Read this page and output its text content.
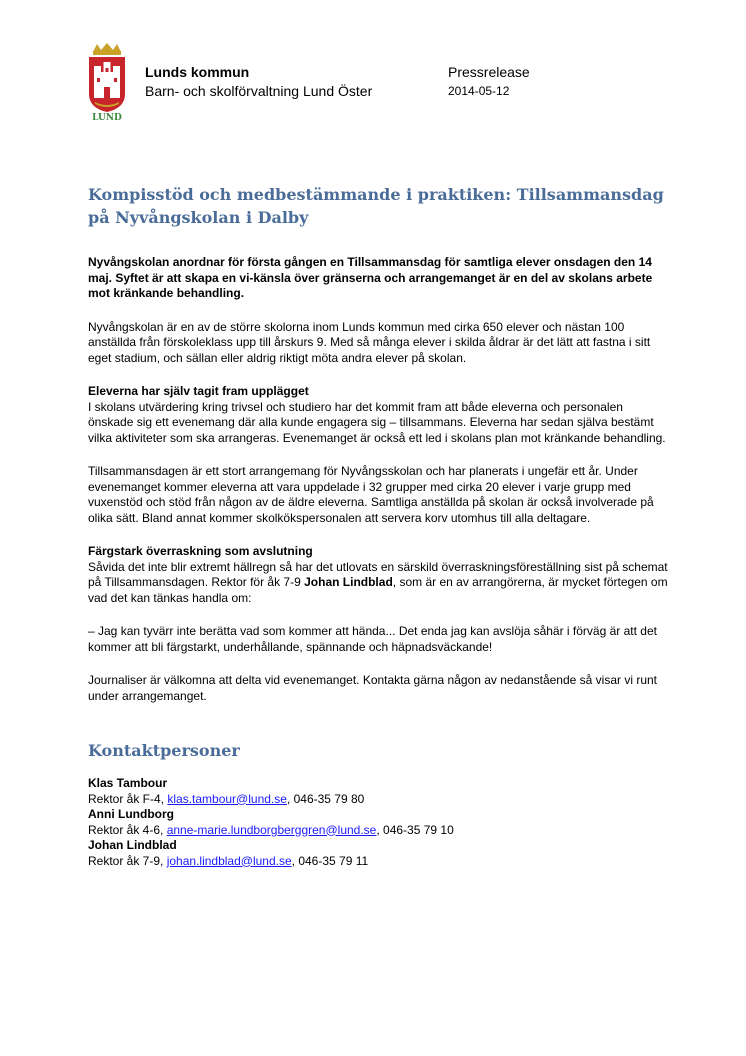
LUND
Lunds kommun
Barn- och skolförvaltning Lund Öster
Pressrelease
2014-05-12
Kompisstöd och medbestämmande i praktiken: Tillsammansdag på Nyvångskolan i Dalby

Nyvångskolan anordnar för första gången en Tillsammansdag för samtliga elever onsdagen den 14 maj. Syftet är att skapa en vi-känsla över gränserna och arrangemanget är en del av skolans arbete mot kränkande behandling.

Nyvångskolan är en av de större skolorna inom Lunds kommun med cirka 650 elever och nästan 100 anställda från förskoleklass upp till årskurs 9. Med så många elever i skilda åldrar är det lätt att fastna i sitt eget stadium, och sällan eller aldrig riktigt möta andra elever på skolan.

Eleverna har själv tagit fram upplägget

I skolans utvärdering kring trivsel och studiero har det kommit fram att både eleverna och personalen önskade sig ett evenemang där alla kunde engagera sig – tillsammans. Eleverna har sedan själva bestämt vilka aktiviteter som ska arrangeras. Evenemanget är också ett led i skolans plan mot kränkande behandling.

Tillsammansdagen är ett stort arrangemang för Nyvångsskolan och har planerats i ungefär ett år. Under evenemanget kommer eleverna att vara uppdelade i 32 grupper med cirka 20 elever i varje grupp med vuxenstöd och stöd från någon av de äldre eleverna. Samtliga anställda på skolan är också involverade på olika sätt. Bland annat kommer skolkökspersonalen att servera korv utomhus till alla deltagare.

Färgstark överraskning som avslutning

Såvida det inte blir extremt hällregn så har det utlovats en särskild överraskningsföreställning sist på schemat på Tillsammansdagen. Rektor för åk 7-9 Johan Lindblad, som är en av arrangörerna, är mycket förtegen om vad det kan tänkas handla om:

– Jag kan tyvärr inte berätta vad som kommer att hända... Det enda jag kan avslöja såhär i förväg är att det kommer att bli färgstarkt, underhållande, spännande och häpnadsväckande!

Journaliser är välkomna att delta vid evenemanget. Kontakta gärna någon av nedanstående så visar vi runt under arrangemanget.

Kontaktpersoner

Klas Tambour

Rektor åk F-4, klas.tambour@lund.se, 046-35 79 80

Anni Lundborg

Rektor åk 4-6, anne-marie.lundborgberggren@lund.se, 046-35 79 10

Johan Lindblad

Rektor åk 7-9, johan.lindblad@lund.se, 046-35 79 11
